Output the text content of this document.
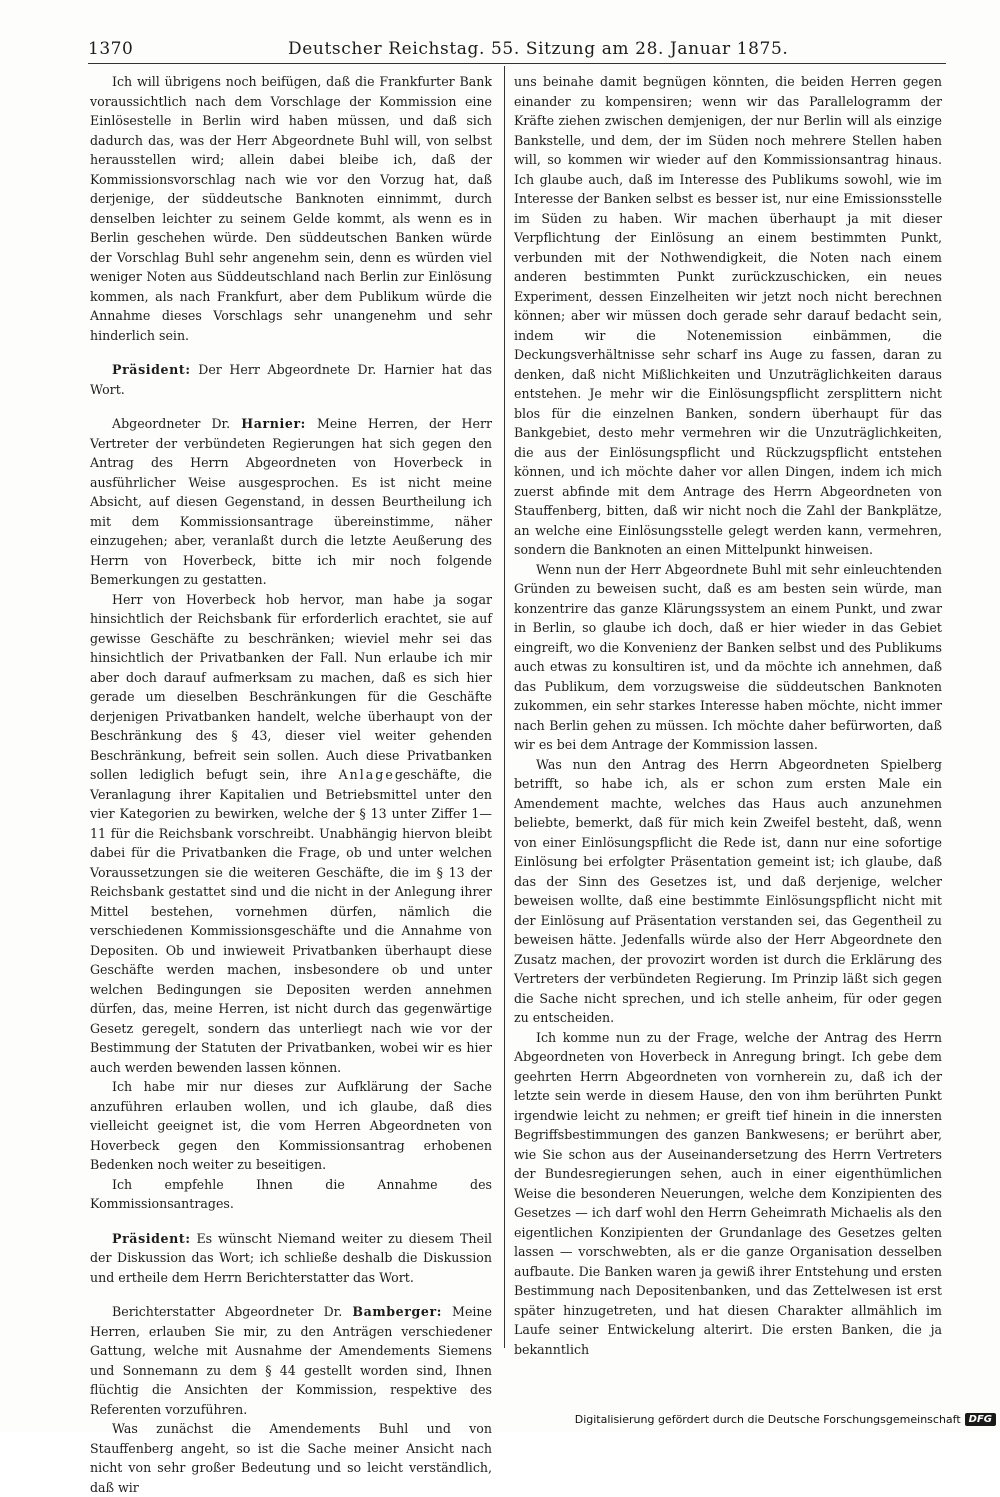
1370	Deutscher Reichstag. 55. Sitzung am 28. Januar 1875.

Ich will übrigens noch beifügen, daß die Frankfurter Bank voraussichtlich nach dem Vorschlage der Kommission eine Einlösestelle in Berlin wird haben müssen, und daß sich dadurch das, was der Herr Abgeordnete Buhl will, von selbst herausstellen wird; allein dabei bleibe ich, daß der Kommissionsvorschlag nach wie vor den Vorzug hat, daß derjenige, der süddeutsche Banknoten einnimmt, durch denselben leichter zu seinem Gelde kommt, als wenn es in Berlin geschehen würde. Den süddeutschen Banken würde der Vorschlag Buhl sehr angenehm sein, denn es würden viel weniger Noten aus Süddeutschland nach Berlin zur Einlösung kommen, als nach Frankfurt, aber dem Publikum würde die Annahme dieses Vorschlags sehr unangenehm und sehr hinderlich sein.

Präsident: Der Herr Abgeordnete Dr. Harnier hat das Wort.

Abgeordneter Dr. Harnier: Meine Herren, der Herr Vertreter der verbündeten Regierungen hat sich gegen den Antrag des Herrn Abgeordneten von Hoverbeck in ausführlicher Weise ausgesprochen. Es ist nicht meine Absicht, auf diesen Gegenstand, in dessen Beurtheilung ich mit dem Kommissionsantrage übereinstimme, näher einzugehen; aber, veranlaßt durch die letzte Aeußerung des Herrn von Hoverbeck, bitte ich mir noch folgende Bemerkungen zu gestatten.

Herr von Hoverbeck hob hervor, man habe ja sogar hinsichtlich der Reichsbank für erforderlich erachtet, sie auf gewisse Geschäfte zu beschränken; wieviel mehr sei das hinsichtlich der Privatbanken der Fall. Nun erlaube ich mir aber doch darauf aufmerksam zu machen, daß es sich hier gerade um dieselben Beschränkungen für die Geschäfte derjenigen Privatbanken handelt, welche überhaupt von der Beschränkung des § 43, dieser viel weiter gehenden Beschränkung, befreit sein sollen. Auch diese Privatbanken sollen lediglich befugt sein, ihre Anlagegeschäfte, die Veranlagung ihrer Kapitalien und Betriebsmittel unter den vier Kategorien zu bewirken, welche der § 13 unter Ziffer 1—11 für die Reichsbank vorschreibt. Unabhängig hiervon bleibt dabei für die Privatbanken die Frage, ob und unter welchen Voraussetzungen sie die weiteren Geschäfte, die im § 13 der Reichsbank gestattet sind und die nicht in der Anlegung ihrer Mittel bestehen, vornehmen dürfen, nämlich die verschiedenen Kommissionsgeschäfte und die Annahme von Depositen. Ob und inwieweit Privatbanken überhaupt diese Geschäfte werden machen, insbesondere ob und unter welchen Bedingungen sie Depositen werden annehmen dürfen, das, meine Herren, ist nicht durch das gegenwärtige Gesetz geregelt, sondern das unterliegt nach wie vor der Bestimmung der Statuten der Privatbanken, wobei wir es hier auch werden bewenden lassen können.

Ich habe mir nur dieses zur Aufklärung der Sache anzuführen erlauben wollen, und ich glaube, daß dies vielleicht geeignet ist, die vom Herren Abgeordneten von Hoverbeck gegen den Kommissionsantrag erhobenen Bedenken noch weiter zu beseitigen.

Ich empfehle Ihnen die Annahme des Kommissionsantrages.

Präsident: Es wünscht Niemand weiter zu diesem Theil der Diskussion das Wort; ich schließe deshalb die Diskussion und ertheile dem Herrn Berichterstatter das Wort.

Berichterstatter Abgeordneter Dr. Bamberger: Meine Herren, erlauben Sie mir, zu den Anträgen verschiedener Gattung, welche mit Ausnahme der Amendements Siemens und Sonnemann zu dem § 44 gestellt worden sind, Ihnen flüchtig die Ansichten der Kommission, respektive des Referenten vorzuführen.

Was zunächst die Amendements Buhl und von Stauffenberg angeht, so ist die Sache meiner Ansicht nach nicht von sehr großer Bedeutung und so leicht verständlich, daß wir

uns beinahe damit begnügen könnten, die beiden Herren gegen einander zu kompensiren; wenn wir das Parallelogramm der Kräfte ziehen zwischen demjenigen, der nur Berlin will als einzige Bankstelle, und dem, der im Süden noch mehrere Stellen haben will, so kommen wir wieder auf den Kommissionsantrag hinaus. Ich glaube auch, daß im Interesse des Publikums sowohl, wie im Interesse der Banken selbst es besser ist, nur eine Emissionsstelle im Süden zu haben. Wir machen überhaupt ja mit dieser Verpflichtung der Einlösung an einem bestimmten Punkt, verbunden mit der Nothwendigkeit, die Noten nach einem anderen bestimmten Punkt zurückzuschicken, ein neues Experiment, dessen Einzelheiten wir jetzt noch nicht berechnen können; aber wir müssen doch gerade sehr darauf bedacht sein, indem wir die Notenemission einbämmen, die Deckungsverhältnisse sehr scharf ins Auge zu fassen, daran zu denken, daß nicht Mißlichkeiten und Unzuträglichkeiten daraus entstehen. Je mehr wir die Einlösungspflicht zersplittern nicht blos für die einzelnen Banken, sondern überhaupt für das Bankgebiet, desto mehr vermehren wir die Unzuträglichkeiten, die aus der Einlösungspflicht und Rückzugspflicht entstehen können, und ich möchte daher vor allen Dingen, indem ich mich zuerst abfinde mit dem Antrage des Herrn Abgeordneten von Stauffenberg, bitten, daß wir nicht noch die Zahl der Bankplätze, an welche eine Einlösungsstelle gelegt werden kann, vermehren, sondern die Banknoten an einen Mittelpunkt hinweisen.

Wenn nun der Herr Abgeordnete Buhl mit sehr einleuchtenden Gründen zu beweisen sucht, daß es am besten sein würde, man konzentrire das ganze Klärungssystem an einem Punkt, und zwar in Berlin, so glaube ich doch, daß er hier wieder in das Gebiet eingreift, wo die Konvenienz der Banken selbst und des Publikums auch etwas zu konsultiren ist, und da möchte ich annehmen, daß das Publikum, dem vorzugsweise die süddeutschen Banknoten zukommen, ein sehr starkes Interesse haben möchte, nicht immer nach Berlin gehen zu müssen. Ich möchte daher befürworten, daß wir es bei dem Antrage der Kommission lassen.

Was nun den Antrag des Herrn Abgeordneten Spielberg betrifft, so habe ich, als er schon zum ersten Male ein Amendement machte, welches das Haus auch anzunehmen beliebte, bemerkt, daß für mich kein Zweifel besteht, daß, wenn von einer Einlösungspflicht die Rede ist, dann nur eine sofortige Einlösung bei erfolgter Präsentation gemeint ist; ich glaube, daß das der Sinn des Gesetzes ist, und daß derjenige, welcher beweisen wollte, daß eine bestimmte Einlösungspflicht nicht mit der Einlösung auf Präsentation verstanden sei, das Gegentheil zu beweisen hätte. Jedenfalls würde also der Herr Abgeordnete den Zusatz machen, der provozirt worden ist durch die Erklärung des Vertreters der verbündeten Regierung. Im Prinzip läßt sich gegen die Sache nicht sprechen, und ich stelle anheim, für oder gegen zu entscheiden.

Ich komme nun zu der Frage, welche der Antrag des Herrn Abgeordneten von Hoverbeck in Anregung bringt. Ich gebe dem geehrten Herrn Abgeordneten von vornherein zu, daß ich der letzte sein werde in diesem Hause, den von ihm berührten Punkt irgendwie leicht zu nehmen; er greift tief hinein in die innersten Begriffsbestimmungen des ganzen Bankwesens; er berührt aber, wie Sie schon aus der Auseinandersetzung des Herrn Vertreters der Bundesregierungen sehen, auch in einer eigenthümlichen Weise die besonderen Neuerungen, welche dem Konzipienten des Gesetzes — ich darf wohl den Herrn Geheimrath Michaelis als den eigentlichen Konzipienten der Grundanlage des Gesetzes gelten lassen — vorschwebten, als er die ganze Organisation desselben aufbaute. Die Banken waren ja gewiß ihrer Entstehung und ersten Bestimmung nach Depositenbanken, und das Zettelwesen ist erst später hinzugetreten, und hat diesen Charakter allmählich im Laufe seiner Entwickelung alterirt. Die ersten Banken, die ja bekanntlich

Digitalisierung gefördert durch die Deutsche Forschungsgemeinschaft DFG
